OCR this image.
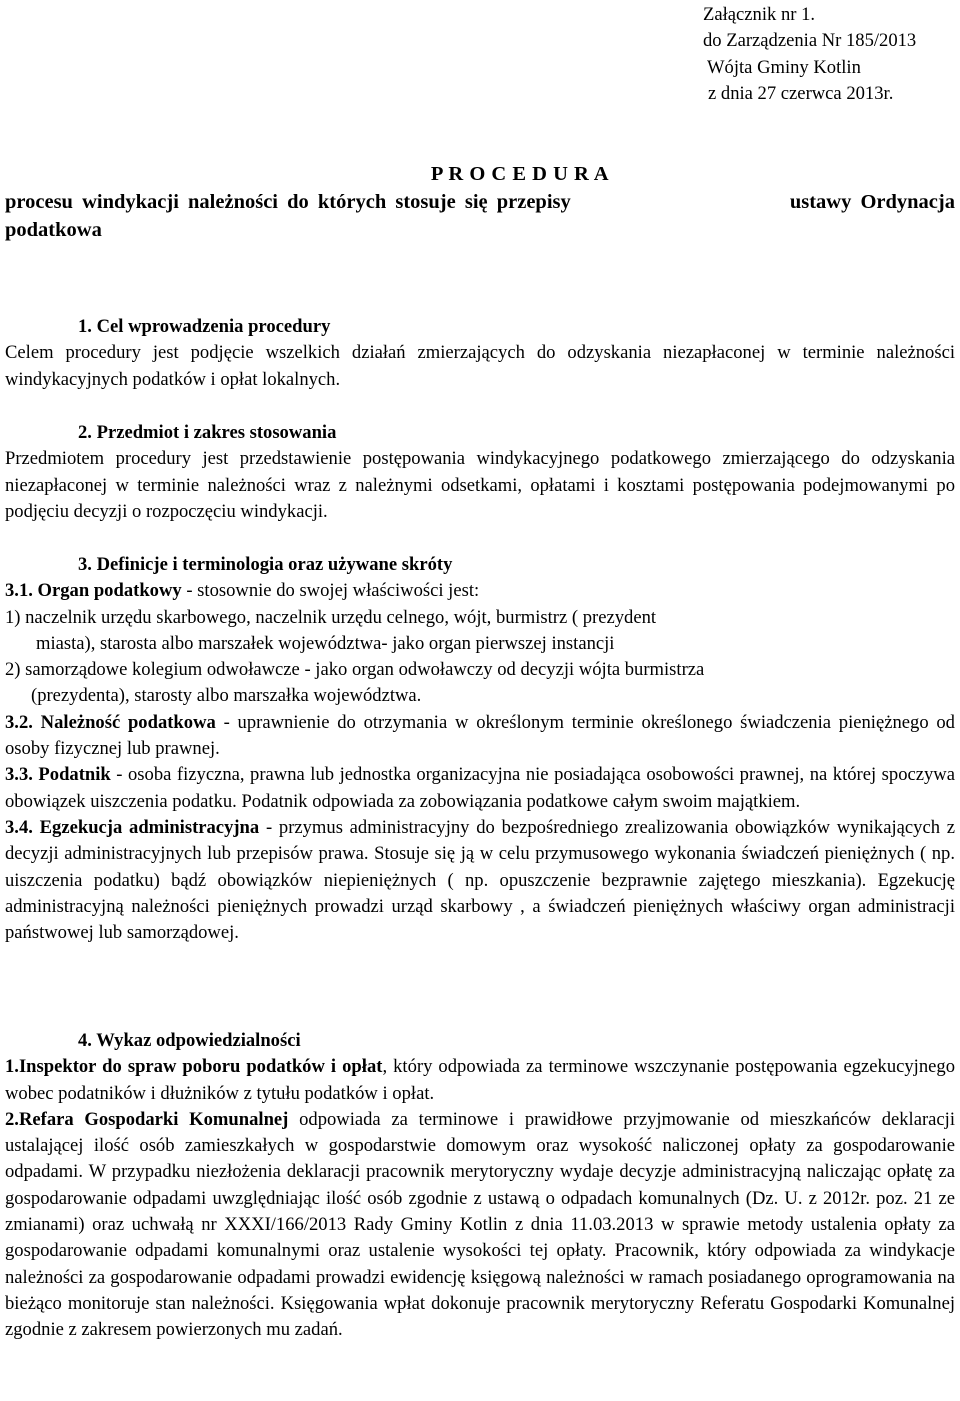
Załącznik nr 1.
do Zarządzenia Nr 185/2013
Wójta Gminy Kotlin
z dnia 27 czerwca 2013r.
P R O C E D U R A
procesu windykacji należności do których stosuje się przepisy	ustawy Ordynacja
podatkowa
1. Cel wprowadzenia procedury

Celem procedury jest podjęcie wszelkich działań zmierzających do odzyskania niezapłaconej w terminie należności windykacyjnych podatków i opłat lokalnych.

2. Przedmiot i zakres stosowania

Przedmiotem procedury jest przedstawienie postępowania windykacyjnego podatkowego zmierzającego do odzyskania niezapłaconej w terminie należności wraz z należnymi odsetkami, opłatami i kosztami postępowania podejmowanymi po podjęciu decyzji o rozpoczęciu windykacji.

3. Definicje i terminologia oraz używane skróty

3.1. Organ podatkowy - stosownie do swojej właściwości jest:

1) naczelnik urzędu skarbowego, naczelnik urzędu celnego, wójt, burmistrz ( prezydent
miasta), starosta albo marszałek województwa- jako organ pierwszej instancji
2) samorządowe kolegium odwoławcze - jako organ odwoławczy od decyzji wójta burmistrza
(prezydenta), starosty albo marszałka województwa.

3.2. Należność podatkowa - uprawnienie do otrzymania w określonym terminie określonego świadczenia pieniężnego od osoby fizycznej lub prawnej.

3.3. Podatnik - osoba fizyczna, prawna lub jednostka organizacyjna nie posiadająca osobowości prawnej, na której spoczywa obowiązek uiszczenia podatku. Podatnik odpowiada za zobowiązania podatkowe całym swoim majątkiem.

3.4. Egzekucja administracyjna - przymus administracyjny do bezpośredniego zrealizowania obowiązków wynikających z decyzji administracyjnych lub przepisów prawa. Stosuje się ją w celu przymusowego wykonania świadczeń pieniężnych ( np. uiszczenia podatku) bądź obowiązków niepieniężnych ( np. opuszczenie bezprawnie zajętego mieszkania). Egzekucję administracyjną należności pieniężnych prowadzi urząd skarbowy , a świadczeń pieniężnych właściwy organ administracji państwowej lub samorządowej.

4. Wykaz odpowiedzialności

1.Inspektor do spraw poboru podatków i opłat, który odpowiada za terminowe wszczynanie postępowania egzekucyjnego wobec podatników i dłużników z tytułu podatków i opłat.

2.Refara Gospodarki Komunalnej odpowiada za terminowe i prawidłowe przyjmowanie od mieszkańców deklaracji ustalającej ilość osób zamieszkałych w gospodarstwie domowym oraz wysokość naliczonej opłaty za gospodarowanie odpadami. W przypadku niezłożenia deklaracji pracownik merytoryczny wydaje decyzje administracyjną naliczając opłatę za gospodarowanie odpadami uwzględniając ilość osób zgodnie z ustawą o odpadach komunalnych (Dz. U. z 2012r. poz. 21 ze zmianami) oraz uchwałą nr XXXI/166/2013 Rady Gminy Kotlin z dnia 11.03.2013 w sprawie metody ustalenia opłaty za gospodarowanie odpadami komunalnymi oraz ustalenie wysokości tej opłaty. Pracownik, który odpowiada za windykacje należności za gospodarowanie odpadami prowadzi ewidencję księgową należności w ramach posiadanego oprogramowania na bieżąco monitoruje stan należności. Księgowania wpłat dokonuje pracownik merytoryczny Referatu Gospodarki Komunalnej zgodnie z zakresem powierzonych mu zadań.
